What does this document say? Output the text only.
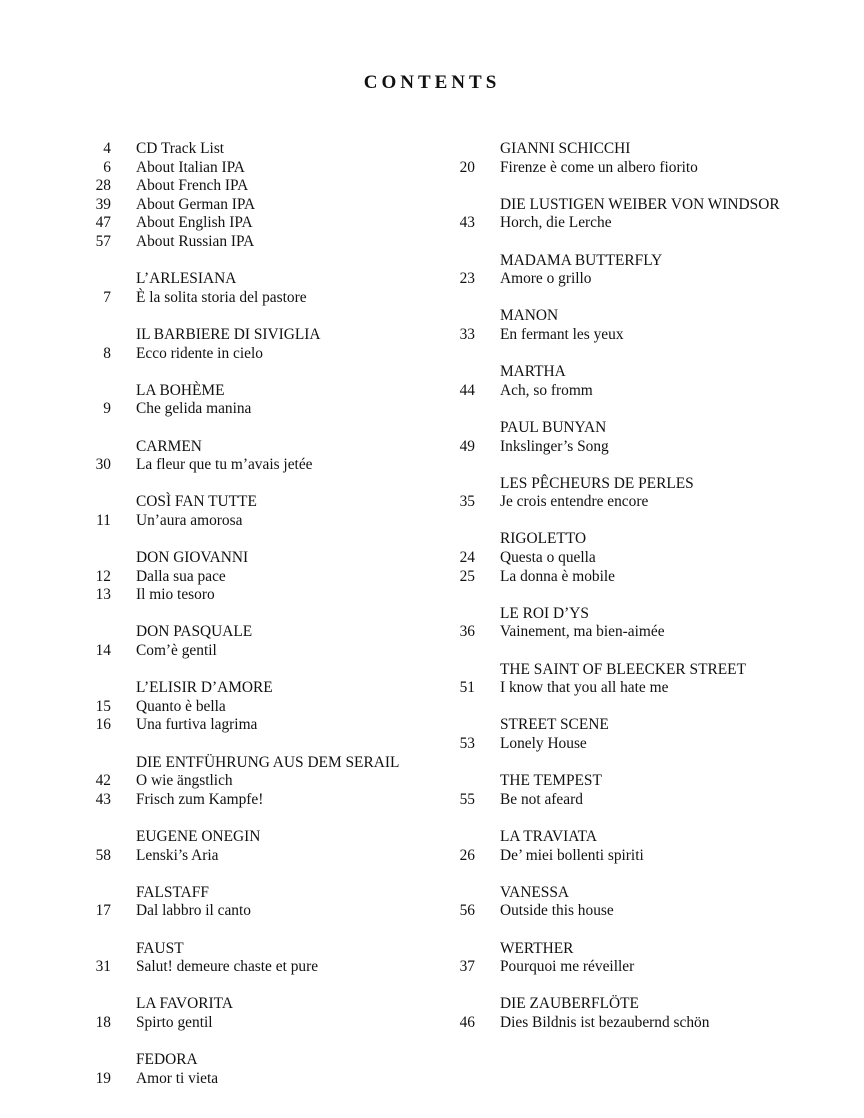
CONTENTS
4	CD Track List
6	About Italian IPA
28	About French IPA
39	About German IPA
47	About English IPA
57	About Russian IPA
L’ARLESIANA
7	È la solita storia del pastore
IL BARBIERE DI SIVIGLIA
8	Ecco ridente in cielo
LA BOHÈME
9	Che gelida manina
CARMEN
30	La fleur que tu m’avais jetée
COSÌ FAN TUTTE
11	Un’aura amorosa
DON GIOVANNI
12	Dalla sua pace
13	Il mio tesoro
DON PASQUALE
14	Com’è gentil
L’ELISIR D’AMORE
15	Quanto è bella
16	Una furtiva lagrima
DIE ENTFÜHRUNG AUS DEM SERAIL
42	O wie ängstlich
43	Frisch zum Kampfe!
EUGENE ONEGIN
58	Lenski’s Aria
FALSTAFF
17	Dal labbro il canto
FAUST
31	Salut! demeure chaste et pure
LA FAVORITA
18	Spirto gentil
FEDORA
19	Amor ti vieta
GIANNI SCHICCHI
20	Firenze è come un albero fiorito
DIE LUSTIGEN WEIBER VON WINDSOR
43	Horch, die Lerche
MADAMA BUTTERFLY
23	Amore o grillo
MANON
33	En fermant les yeux
MARTHA
44	Ach, so fromm
PAUL BUNYAN
49	Inkslinger’s Song
LES PÊCHEURS DE PERLES
35	Je crois entendre encore
RIGOLETTO
24	Questa o quella
25	La donna è mobile
LE ROI D’YS
36	Vainement, ma bien-aimée
THE SAINT OF BLEECKER STREET
51	I know that you all hate me
STREET SCENE
53	Lonely House
THE TEMPEST
55	Be not afeard
LA TRAVIATA
26	De’ miei bollenti spiriti
VANESSA
56	Outside this house
WERTHER
37	Pourquoi me réveiller
DIE ZAUBERFLÖTE
46	Dies Bildnis ist bezaubernd schön
